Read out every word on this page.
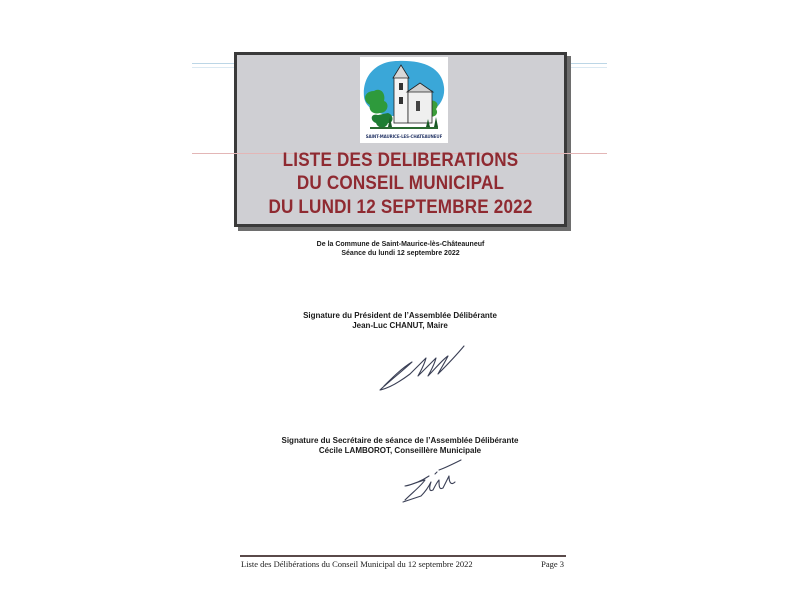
SAINT-MAURICE-LES-CHATEAUNEUF
LISTE DES DELIBERATIONS
DU CONSEIL MUNICIPAL
DU LUNDI 12 SEPTEMBRE 2022
De la Commune de Saint-Maurice-lès-Châteauneuf
Séance du lundi 12 septembre 2022
Signature du Président de l’Assemblée Délibérante
Jean-Luc CHANUT, Maire
Signature du Secrétaire de séance de l’Assemblée Délibérante
Cécile LAMBOROT, Conseillère Municipale
Liste des Délibérations du Conseil Municipal du 12 septembre 2022	Page 3
